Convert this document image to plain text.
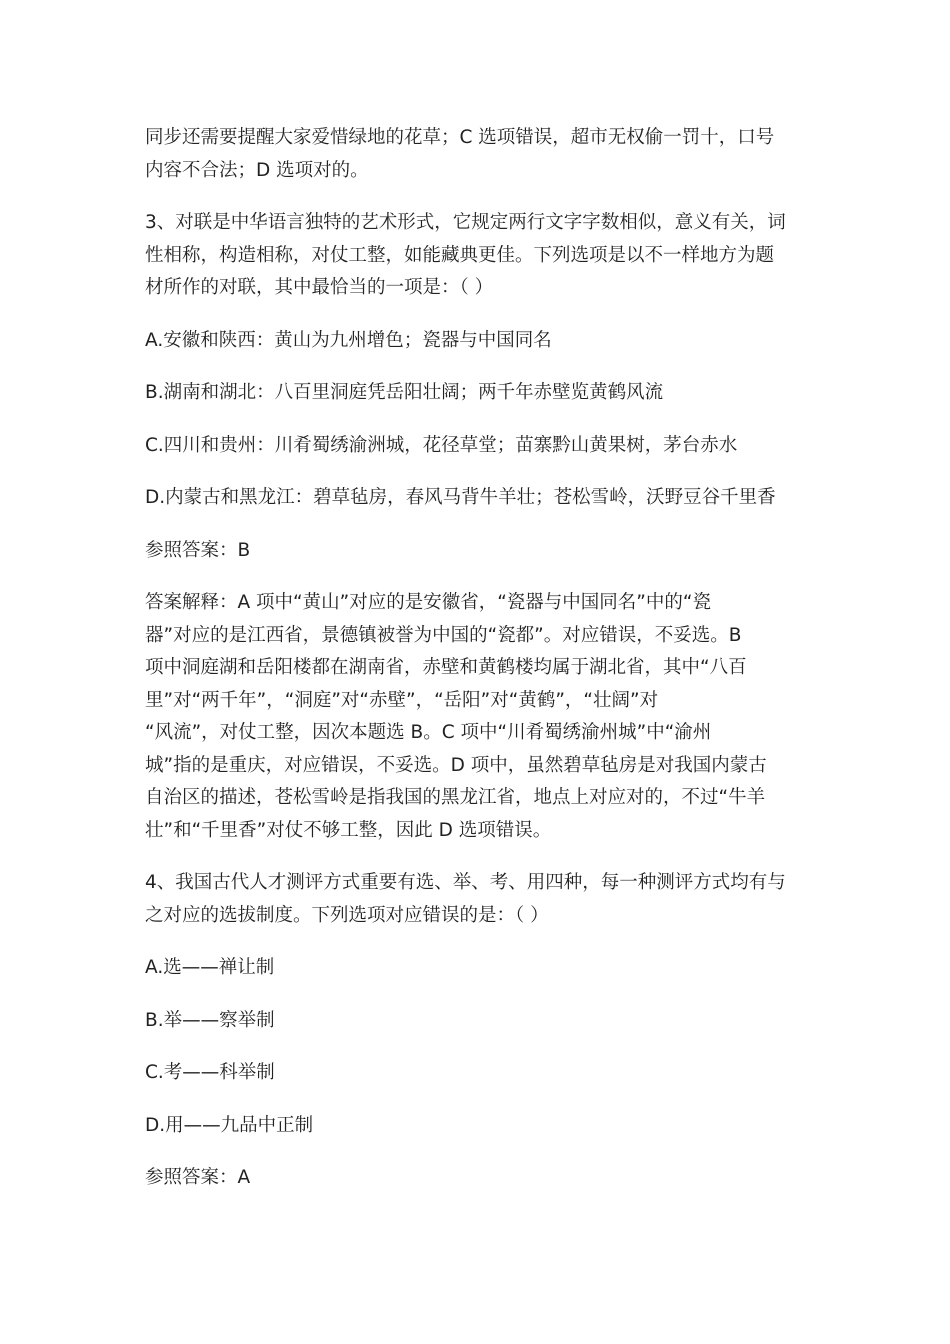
同步还需要提醒大家爱惜绿地的花草；C 选项错误，超市无权偷一罚十，口号
内容不合法；D 选项对的。
3、对联是中华语言独特的艺术形式，它规定两行文字字数相似，意义有关，词
性相称，构造相称，对仗工整，如能藏典更佳。下列选项是以不一样地方为题
材所作的对联，其中最恰当的一项是：（ ）

A.安徽和陕西：黄山为九州增色；瓷器与中国同名

B.湖南和湖北：八百里洞庭凭岳阳壮阔；两千年赤壁览黄鹤风流

C.四川和贵州：川肴蜀绣渝洲城，花径草堂；苗寨黔山黄果树，茅台赤水

D.内蒙古和黑龙江：碧草毡房，春风马背牛羊壮；苍松雪岭，沃野豆谷千里香

参照答案：B

答案解释：A 项中“黄山”对应的是安徽省，“瓷器与中国同名”中的“瓷
器”对应的是江西省，景德镇被誉为中国的“瓷都”。对应错误，不妥选。B
项中洞庭湖和岳阳楼都在湖南省，赤壁和黄鹤楼均属于湖北省，其中“八百
里”对“两千年”，“洞庭”对“赤壁”，“岳阳”对“黄鹤”，“壮阔”对
“风流”，对仗工整，因次本题选 B。C 项中“川肴蜀绣渝州城”中“渝州
城”指的是重庆，对应错误，不妥选。D 项中，虽然碧草毡房是对我国内蒙古
自治区的描述，苍松雪岭是指我国的黑龙江省，地点上对应对的，不过“牛羊
壮”和“千里香”对仗不够工整，因此 D 选项错误。
4、我国古代人才测评方式重要有选、举、考、用四种，每一种测评方式均有与
之对应的选拔制度。下列选项对应错误的是：（ ）

A.选——禅让制

B.举——察举制

C.考——科举制

D.用——九品中正制

参照答案：A
